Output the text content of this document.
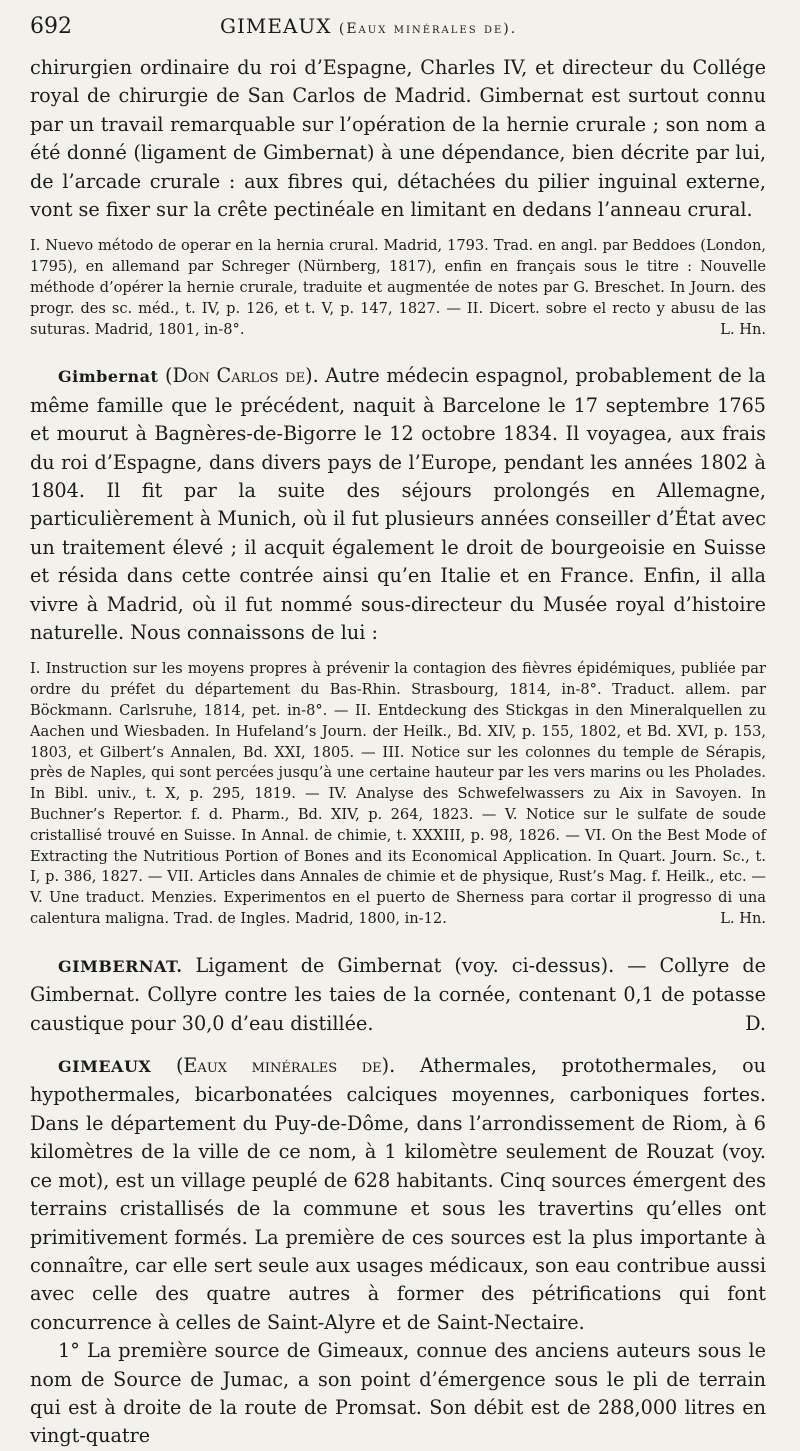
692	GIMEAUX (Eaux minérales de).

chirurgien ordinaire du roi d’Espagne, Charles IV, et directeur du Collége royal de chirurgie de San Carlos de Madrid. Gimbernat est surtout connu par un travail remarquable sur l’opération de la hernie crurale ; son nom a été donné (ligament de Gimbernat) à une dépendance, bien décrite par lui, de l’arcade crurale : aux fibres qui, détachées du pilier inguinal externe, vont se fixer sur la crête pectinéale en limitant en dedans l’anneau crural.

I. Nuevo método de operar en la hernia crural. Madrid, 1793. Trad. en angl. par Beddoes (London, 1795), en allemand par Schreger (Nürnberg, 1817), enfin en français sous le titre : Nouvelle méthode d’opérer la hernie crurale, traduite et augmentée de notes par G. Breschet. In Journ. des progr. des sc. méd., t. IV, p. 126, et t. V, p. 147, 1827. — II. Dicert. sobre el recto y abusu de las suturas. Madrid, 1801, in-8°.	L. Hn.

Gimbernat (Don Carlos de). Autre médecin espagnol, probablement de la même famille que le précédent, naquit à Barcelone le 17 septembre 1765 et mourut à Bagnères-de-Bigorre le 12 octobre 1834. Il voyagea, aux frais du roi d’Espagne, dans divers pays de l’Europe, pendant les années 1802 à 1804. Il fit par la suite des séjours prolongés en Allemagne, particulièrement à Munich, où il fut plusieurs années conseiller d’État avec un traitement élevé ; il acquit également le droit de bourgeoisie en Suisse et résida dans cette contrée ainsi qu’en Italie et en France. Enfin, il alla vivre à Madrid, où il fut nommé sous-directeur du Musée royal d’histoire naturelle. Nous connaissons de lui :

I. Instruction sur les moyens propres à prévenir la contagion des fièvres épidémiques, publiée par ordre du préfet du département du Bas-Rhin. Strasbourg, 1814, in-8°. Traduct. allem. par Böckmann. Carlsruhe, 1814, pet. in-8°. — II. Entdeckung des Stickgas in den Mineralquellen zu Aachen und Wiesbaden. In Hufeland’s Journ. der Heilk., Bd. XIV, p. 155, 1802, et Bd. XVI, p. 153, 1803, et Gilbert’s Annalen, Bd. XXI, 1805. — III. Notice sur les colonnes du temple de Sérapis, près de Naples, qui sont percées jusqu’à une certaine hauteur par les vers marins ou les Pholades. In Bibl. univ., t. X, p. 295, 1819. — IV. Analyse des Schwefelwassers zu Aix in Savoyen. In Buchner’s Repertor. f. d. Pharm., Bd. XIV, p. 264, 1823. — V. Notice sur le sulfate de soude cristallisé trouvé en Suisse. In Annal. de chimie, t. XXXIII, p. 98, 1826. — VI. On the Best Mode of Extracting the Nutritious Portion of Bones and its Economical Application. In Quart. Journ. Sc., t. I, p. 386, 1827. — VII. Articles dans Annales de chimie et de physique, Rust’s Mag. f. Heilk., etc. — V. Une traduct. Menzies. Experimentos en el puerto de Sherness para cortar il progresso di una calentura maligna. Trad. de Ingles. Madrid, 1800, in-12.	L. Hn.

GIMBERNAT. Ligament de Gimbernat (voy. ci-dessus). — Collyre de Gimbernat. Collyre contre les taies de la cornée, contenant 0,1 de potasse caustique pour 30,0 d’eau distillée.	D.

GIMEAUX (Eaux minérales de). Athermales, protothermales, ou hypothermales, bicarbonatées calciques moyennes, carboniques fortes. Dans le département du Puy-de-Dôme, dans l’arrondissement de Riom, à 6 kilomètres de la ville de ce nom, à 1 kilomètre seulement de Rouzat (voy. ce mot), est un village peuplé de 628 habitants. Cinq sources émergent des terrains cristallisés de la commune et sous les travertins qu’elles ont primitivement formés. La première de ces sources est la plus importante à connaître, car elle sert seule aux usages médicaux, son eau contribue aussi avec celle des quatre autres à former des pétrifications qui font concurrence à celles de Saint-Alyre et de Saint-Nectaire.

1° La première source de Gimeaux, connue des anciens auteurs sous le nom de Source de Jumac, a son point d’émergence sous le pli de terrain qui est à droite de la route de Promsat. Son débit est de 288,000 litres en vingt-quatre
